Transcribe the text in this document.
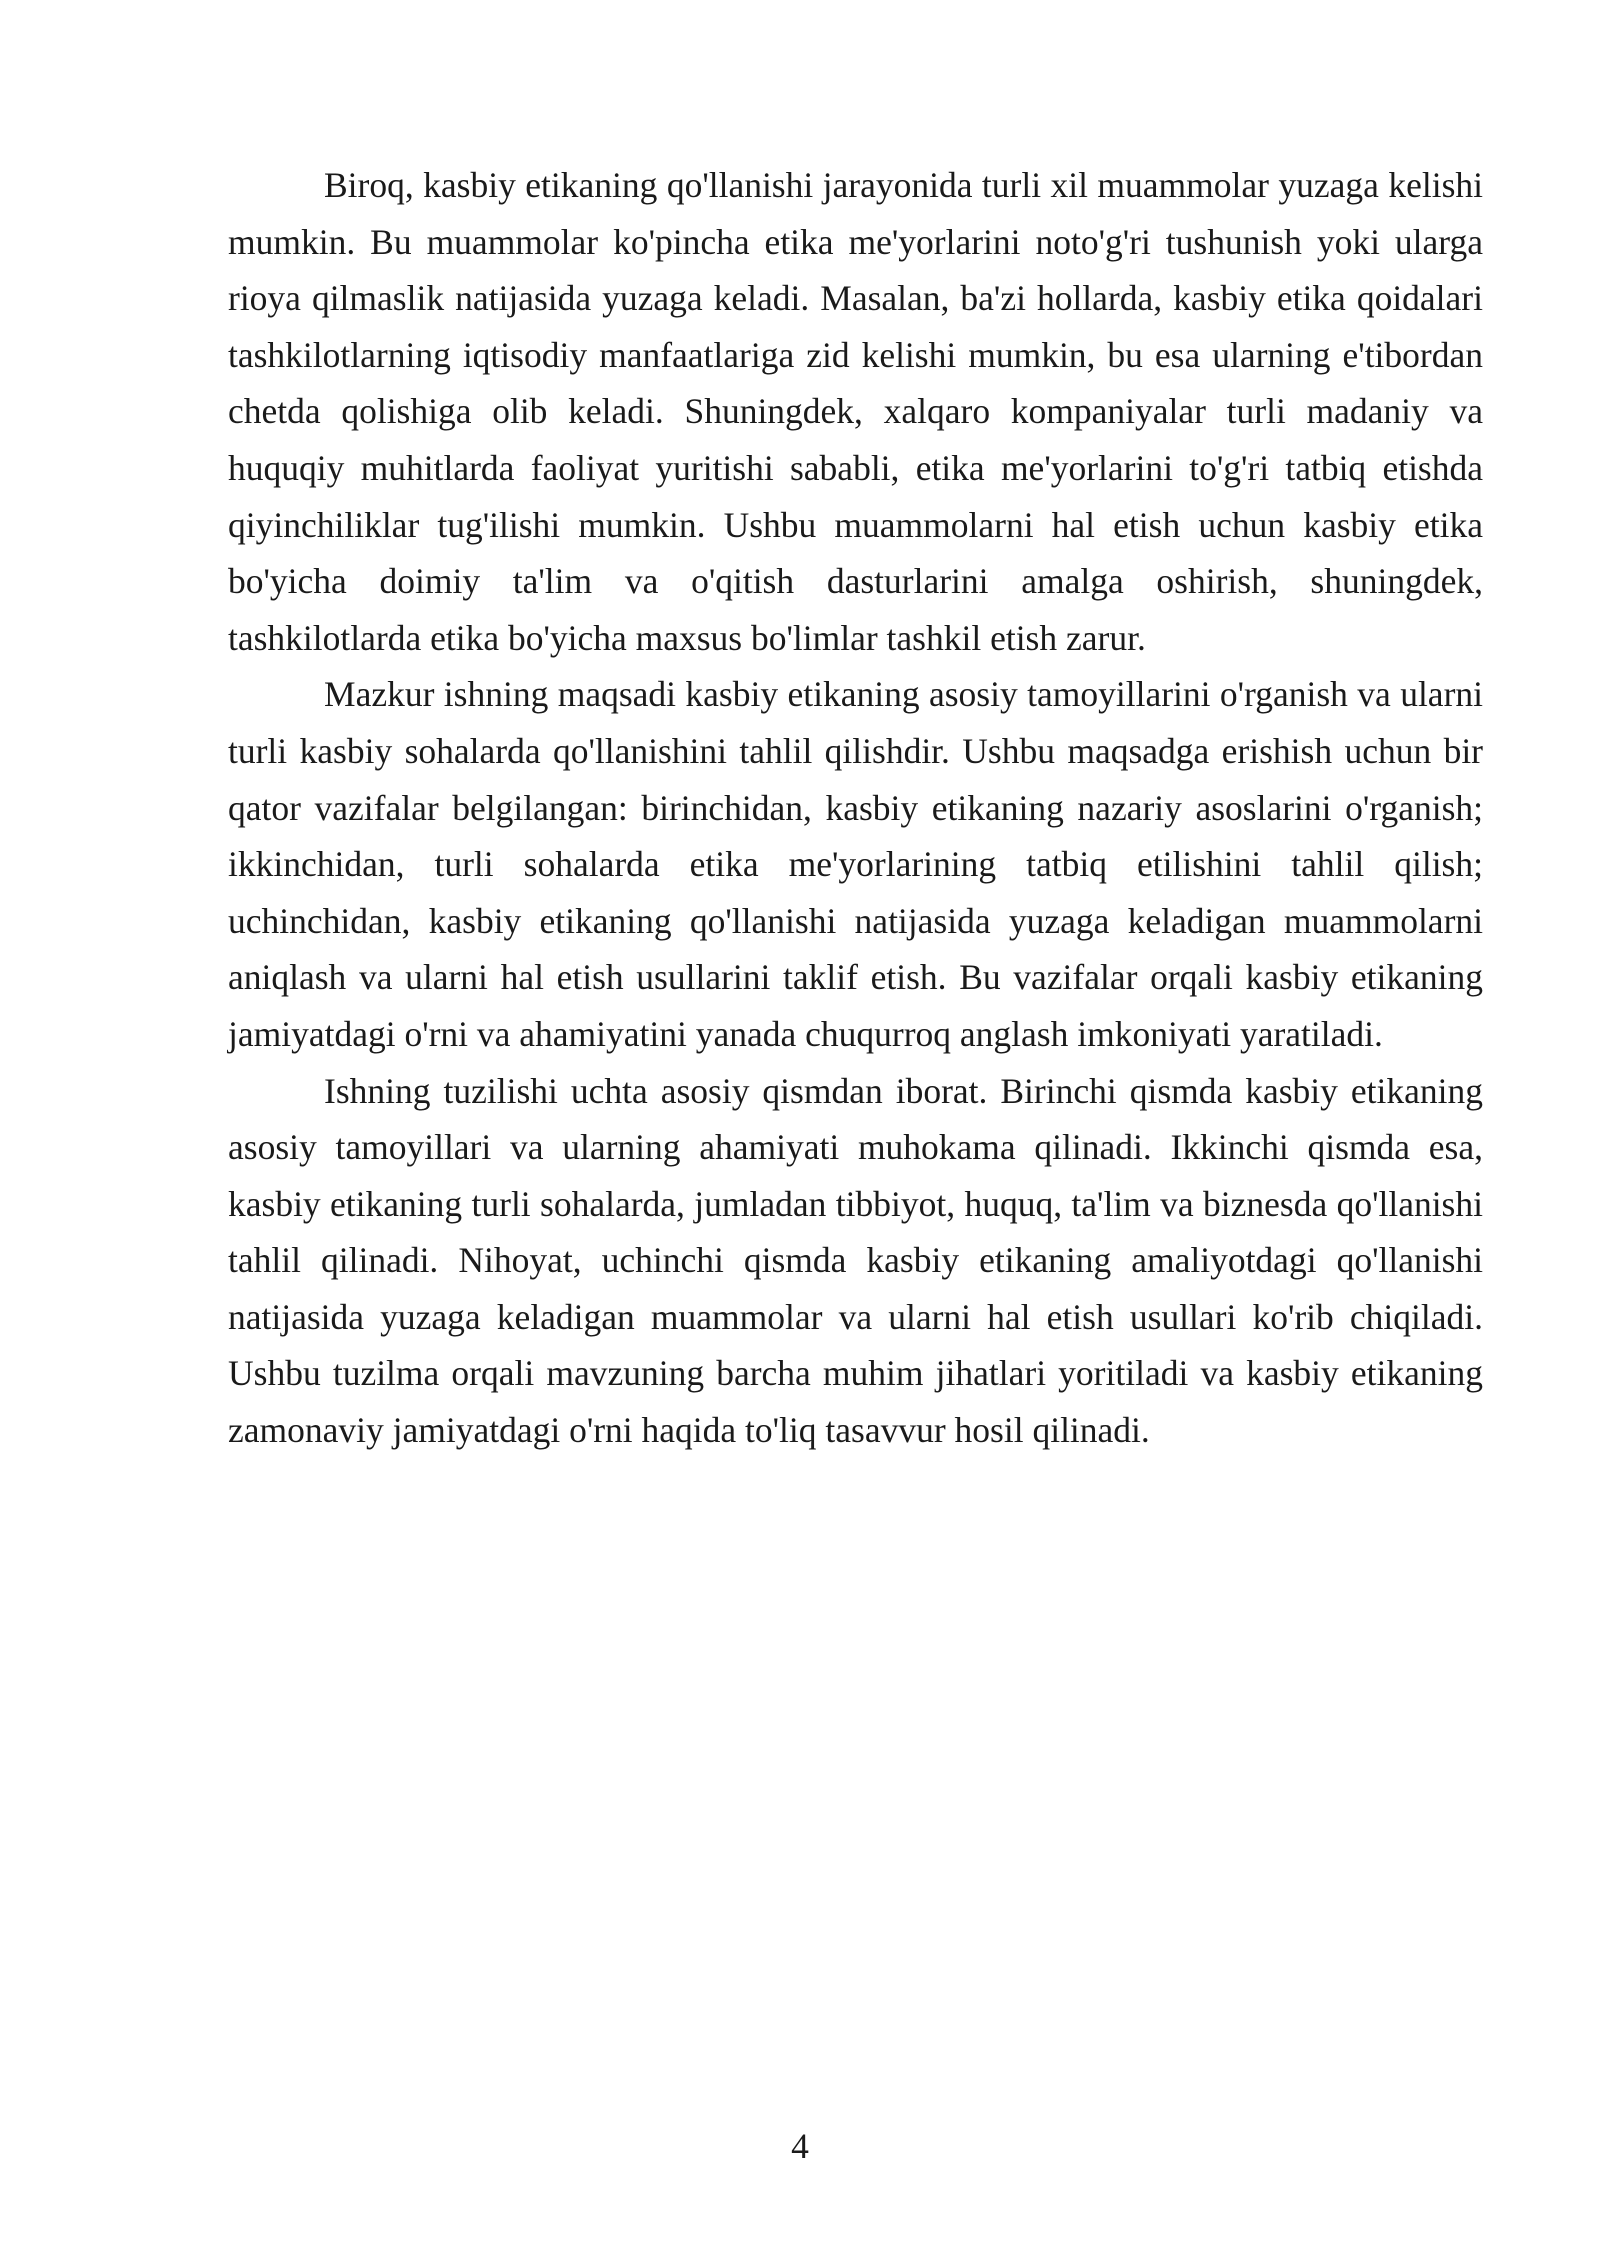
Biroq, kasbiy etikaning qo'llanishi jarayonida turli xil muammolar yuzaga kelishi mumkin. Bu muammolar ko'pincha etika me'yorlarini noto'g'ri tushunish yoki ularga rioya qilmaslik natijasida yuzaga keladi. Masalan, ba'zi hollarda, kasbiy etika qoidalari tashkilotlarning iqtisodiy manfaatlariga zid kelishi mumkin, bu esa ularning e'tibordan chetda qolishiga olib keladi. Shuningdek, xalqaro kompaniyalar turli madaniy va huquqiy muhitlarda faoliyat yuritishi sababli, etika me'yorlarini to'g'ri tatbiq etishda qiyinchiliklar tug'ilishi mumkin. Ushbu muammolarni hal etish uchun kasbiy etika bo'yicha doimiy ta'lim va o'qitish dasturlarini amalga oshirish, shuningdek, tashkilotlarda etika bo'yicha maxsus bo'limlar tashkil etish zarur.

Mazkur ishning maqsadi kasbiy etikaning asosiy tamoyillarini o'rganish va ularni turli kasbiy sohalarda qo'llanishini tahlil qilishdir. Ushbu maqsadga erishish uchun bir qator vazifalar belgilangan: birinchidan, kasbiy etikaning nazariy asoslarini o'rganish; ikkinchidan, turli sohalarda etika me'yorlarining tatbiq etilishini tahlil qilish; uchinchidan, kasbiy etikaning qo'llanishi natijasida yuzaga keladigan muammolarni aniqlash va ularni hal etish usullarini taklif etish. Bu vazifalar orqali kasbiy etikaning jamiyatdagi o'rni va ahamiyatini yanada chuqurroq anglash imkoniyati yaratiladi.

Ishning tuzilishi uchta asosiy qismdan iborat. Birinchi qismda kasbiy etikaning asosiy tamoyillari va ularning ahamiyati muhokama qilinadi. Ikkinchi qismda esa, kasbiy etikaning turli sohalarda, jumladan tibbiyot, huquq, ta'lim va biznesda qo'llanishi tahlil qilinadi. Nihoyat, uchinchi qismda kasbiy etikaning amaliyotdagi qo'llanishi natijasida yuzaga keladigan muammolar va ularni hal etish usullari ko'rib chiqiladi. Ushbu tuzilma orqali mavzuning barcha muhim jihatlari yoritiladi va kasbiy etikaning zamonaviy jamiyatdagi o'rni haqida to'liq tasavvur hosil qilinadi.

4
